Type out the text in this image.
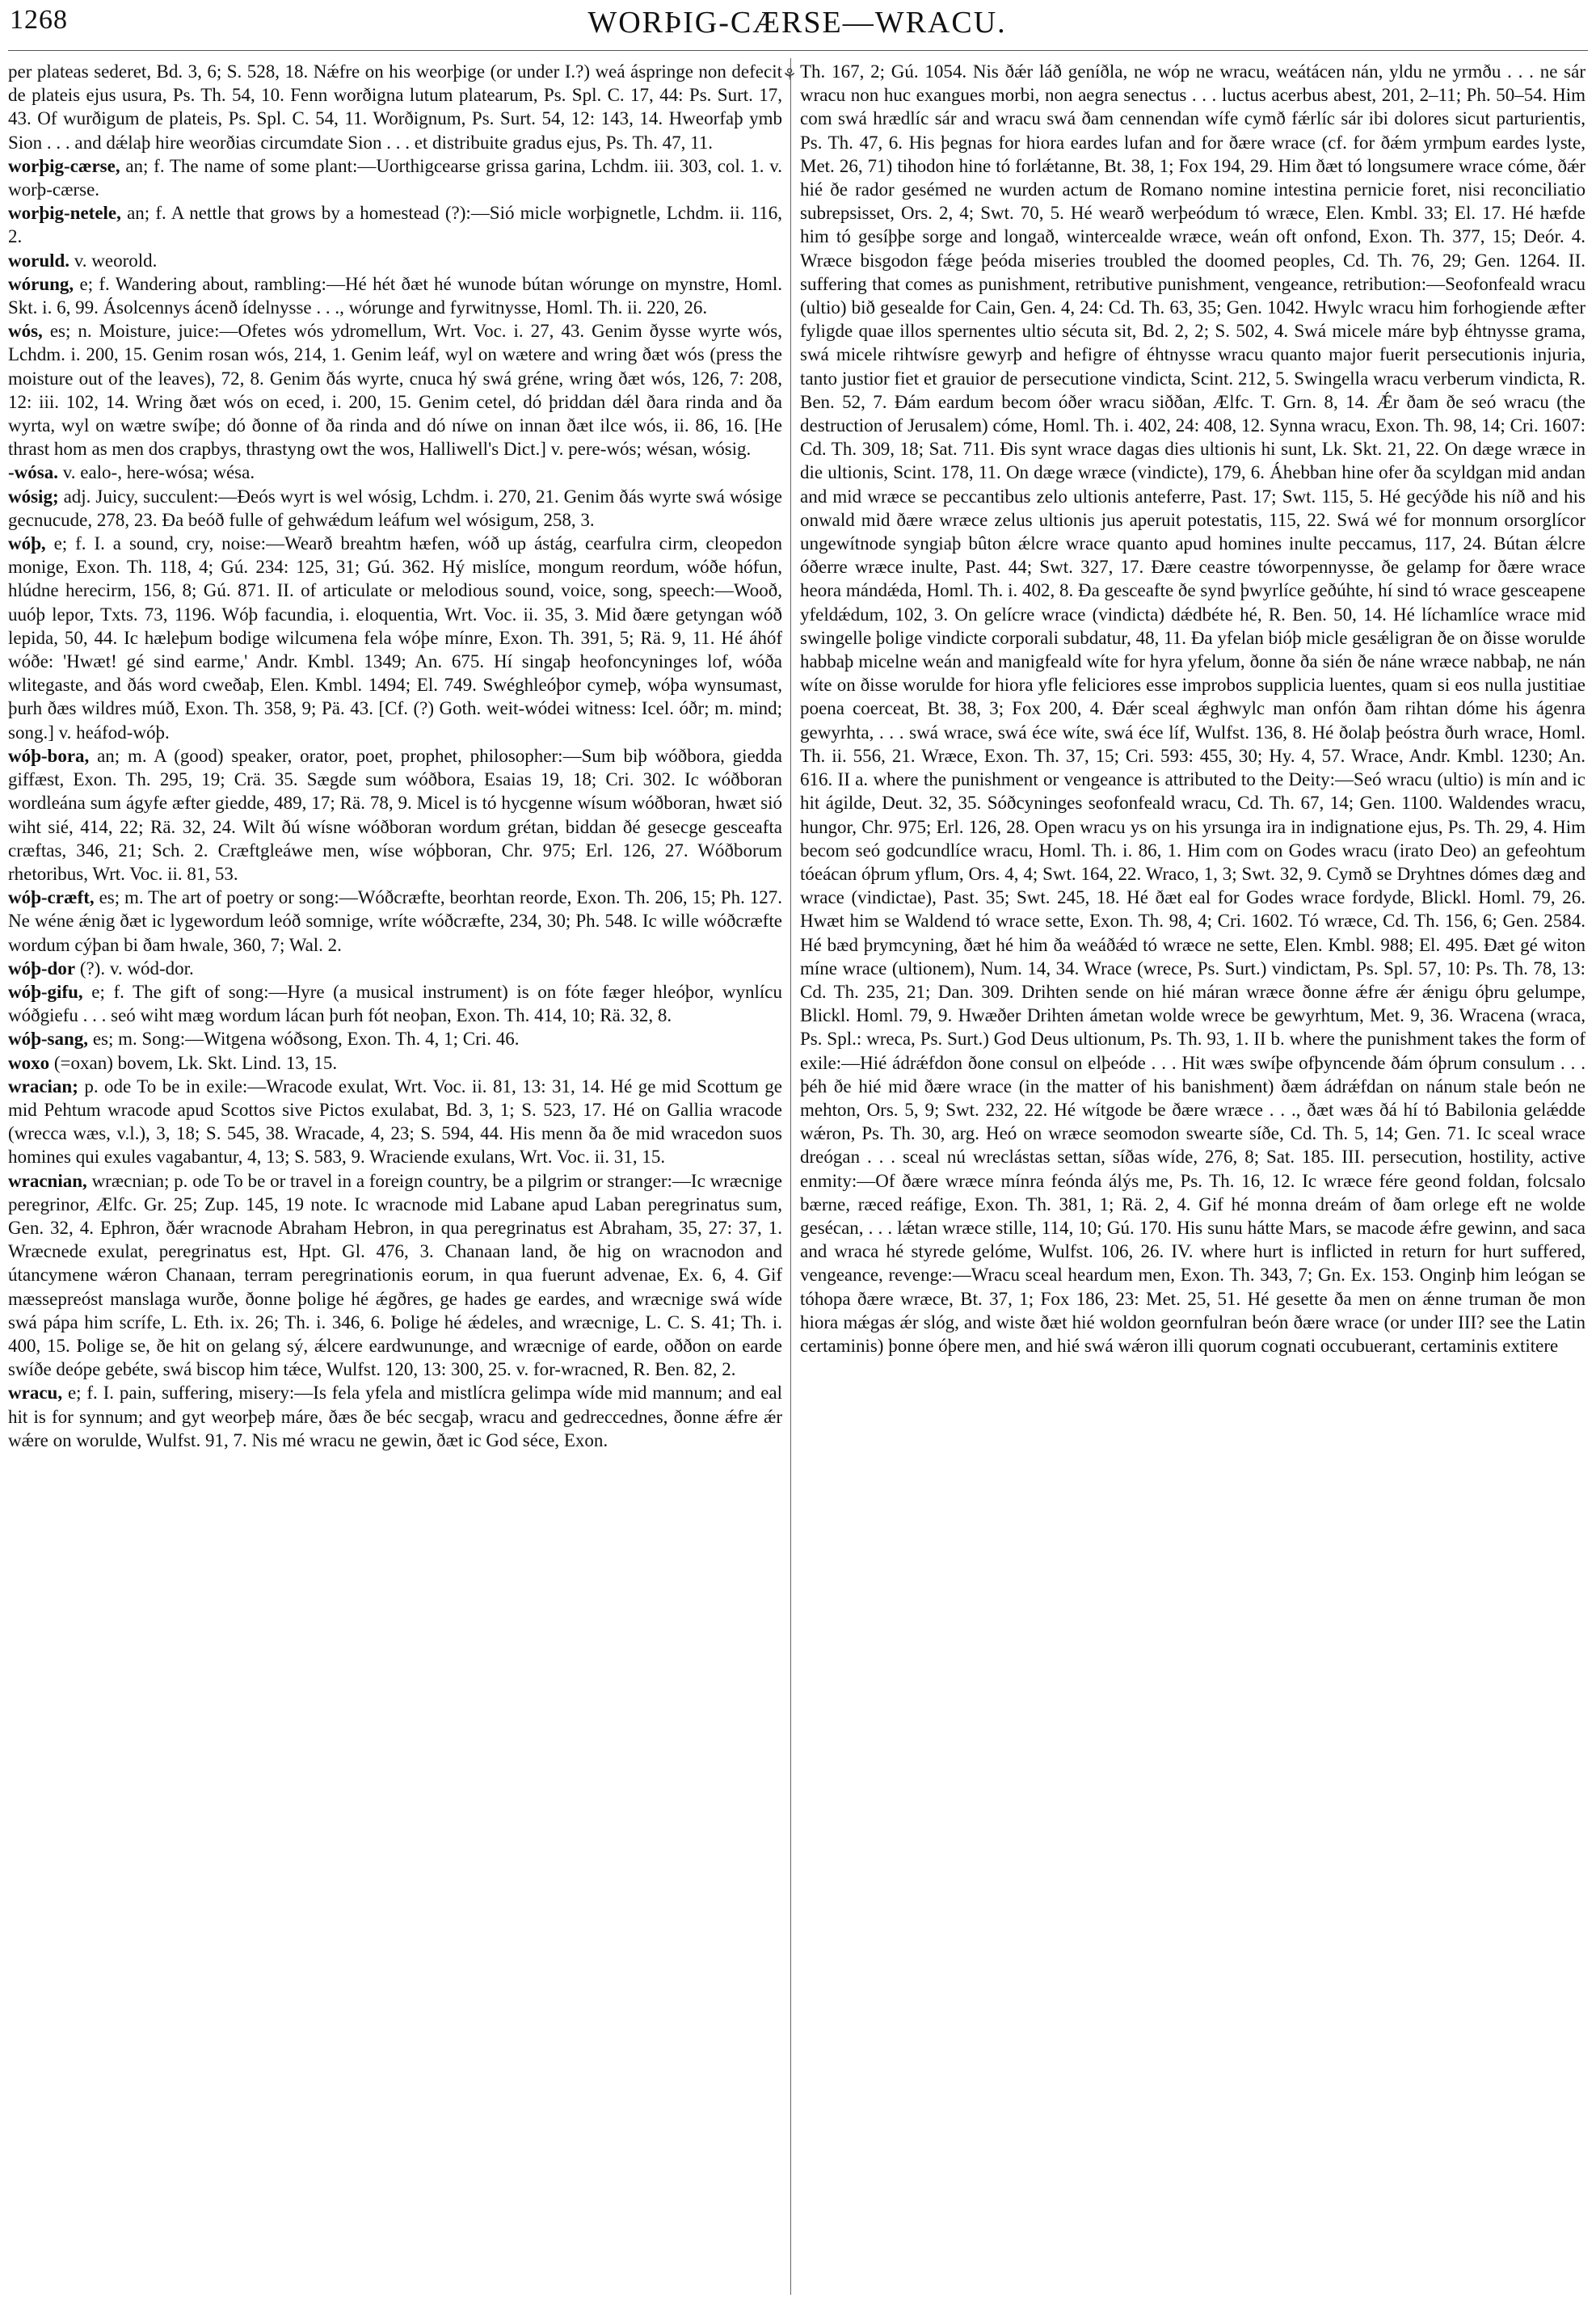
1268	WORÞIG-CÆRSE—WRACU.

per plateas sederet, Bd. 3, 6; S. 528, 18. Nǽfre on his weorþige (or under I.?) weá áspringe non defecit de plateis ejus usura, Ps. Th. 54, 10. Fenn worðigna lutum platearum, Ps. Spl. C. 17, 44: Ps. Surt. 17, 43. Of wurðigum de plateis, Ps. Spl. C. 54, 11. Worðignum, Ps. Surt. 54, 12: 143, 14. Hweorfaþ ymb Sion . . . and dǽlaþ hire weorðias circumdate Sion . . . et distribuite gradus ejus, Ps. Th. 47, 11.

worþig-cærse, an; f. The name of some plant:—Uorthigcearse grissa garina, Lchdm. iii. 303, col. 1. v. worþ-cærse.

worþig-netele, an; f. A nettle that grows by a homestead (?):—Sió micle worþignetle, Lchdm. ii. 116, 2.

woruld. v. weorold.

wórung, e; f. Wandering about, rambling:—Hé hét ðæt hé wunode bútan wórunge on mynstre, Homl. Skt. i. 6, 99. Ásolcennys ácenð ídelnysse . . ., wórunge and fyrwitnysse, Homl. Th. ii. 220, 26.

wós, es; n. Moisture, juice:—Ofetes wós ydromellum, Wrt. Voc. i. 27, 43. Genim ðysse wyrte wós, Lchdm. i. 200, 15. Genim rosan wós, 214, 1. Genim leáf, wyl on wætere and wring ðæt wós (press the moisture out of the leaves), 72, 8. Genim ðás wyrte, cnuca hý swá gréne, wring ðæt wós, 126, 7: 208, 12: iii. 102, 14. Wring ðæt wós on eced, i. 200, 15. Genim cetel, dó þriddan dǽl ðara rinda and ða wyrta, wyl on wætre swíþe; dó ðonne of ða rinda and dó níwe on innan ðæt ilce wós, ii. 86, 16. [He thrast hom as men dos crapbys, thrastyng owt the wos, Halliwell's Dict.] v. pere-wós; wésan, wósig.

-wósa. v. ealo-, here-wósa; wésa.

wósig; adj. Juicy, succulent:—Ðeós wyrt is wel wósig, Lchdm. i. 270, 21. Genim ðás wyrte swá wósige gecnucude, 278, 23. Ða beóð fulle of gehwǽdum leáfum wel wósigum, 258, 3.

wóþ, e; f. I. a sound, cry, noise:—Wearð breahtm hæfen, wóð up ástág, cearfulra cirm, cleopedon monige, Exon. Th. 118, 4; Gú. 234: 125, 31; Gú. 362. Hý mislíce, mongum reordum, wóðe hófun, hlúdne herecirm, 156, 8; Gú. 871. II. of articulate or melodious sound, voice, song, speech:—Wooð, uuóþ lepor, Txts. 73, 1196. Wóþ facundia, i. eloquentia, Wrt. Voc. ii. 35, 3. Mid ðære getyngan wóð lepida, 50, 44. Ic hæleþum bodige wilcumena fela wóþe mínre, Exon. Th. 391, 5; Rä. 9, 11. Hé áhóf wóðe: 'Hwæt! gé sind earme,' Andr. Kmbl. 1349; An. 675. Hí singaþ heofoncyninges lof, wóða wlitegaste, and ðás word cweðaþ, Elen. Kmbl. 1494; El. 749. Swéghleóþor cymeþ, wóþa wynsumast, þurh ðæs wildres múð, Exon. Th. 358, 9; Pä. 43. [Cf. (?) Goth. weit-wódei witness: Icel. óðr; m. mind; song.] v. heáfod-wóþ.

wóþ-bora, an; m. A (good) speaker, orator, poet, prophet, philosopher:—Sum biþ wóðbora, giedda giffæst, Exon. Th. 295, 19; Crä. 35. Sægde sum wóðbora, Esaias 19, 18; Cri. 302. Ic wóðboran wordleána sum ágyfe æfter giedde, 489, 17; Rä. 78, 9. Micel is tó hycgenne wísum wóðboran, hwæt sió wiht sié, 414, 22; Rä. 32, 24. Wilt ðú wísne wóðboran wordum grétan, biddan ðé gesecge gesceafta cræftas, 346, 21; Sch. 2. Cræftgleáwe men, wíse wóþboran, Chr. 975; Erl. 126, 27. Wóðborum rhetoribus, Wrt. Voc. ii. 81, 53.

wóþ-cræft, es; m. The art of poetry or song:—Wóðcræfte, beorhtan reorde, Exon. Th. 206, 15; Ph. 127. Ne wéne ǽnig ðæt ic lygewordum leóð somnige, wríte wóðcræfte, 234, 30; Ph. 548. Ic wille wóðcræfte wordum cýþan bi ðam hwale, 360, 7; Wal. 2.

wóþ-dor (?). v. wód-dor.

wóþ-gifu, e; f. The gift of song:—Hyre (a musical instrument) is on fóte fæger hleóþor, wynlícu wóðgiefu . . . seó wiht mæg wordum lácan þurh fót neoþan, Exon. Th. 414, 10; Rä. 32, 8.

wóþ-sang, es; m. Song:—Witgena wóðsong, Exon. Th. 4, 1; Cri. 46.

woxo (=oxan) bovem, Lk. Skt. Lind. 13, 15.

wracian; p. ode To be in exile:—Wracode exulat, Wrt. Voc. ii. 81, 13: 31, 14. Hé ge mid Scottum ge mid Pehtum wracode apud Scottos sive Pictos exulabat, Bd. 3, 1; S. 523, 17. Hé on Gallia wracode (wrecca wæs, v.l.), 3, 18; S. 545, 38. Wracade, 4, 23; S. 594, 44. His menn ða ðe mid wracedon suos homines qui exules vagabantur, 4, 13; S. 583, 9. Wraciende exulans, Wrt. Voc. ii. 31, 15.

wracnian, wræcnian; p. ode To be or travel in a foreign country, be a pilgrim or stranger:—Ic wræcnige peregrinor, Ælfc. Gr. 25; Zup. 145, 19 note. Ic wracnode mid Labane apud Laban peregrinatus sum, Gen. 32, 4. Ephron, ðǽr wracnode Abraham Hebron, in qua peregrinatus est Abraham, 35, 27: 37, 1. Wræcnede exulat, peregrinatus est, Hpt. Gl. 476, 3. Chanaan land, ðe hig on wracnodon and útancymene wǽron Chanaan, terram peregrinationis eorum, in qua fuerunt advenae, Ex. 6, 4. Gif mæssepreóst manslaga wurðe, ðonne þolige hé ǽgðres, ge hades ge eardes, and wræcnige swá wíde swá pápa him scrífe, L. Eth. ix. 26; Th. i. 346, 6. Þolige hé ǽdeles, and wræcnige, L. C. S. 41; Th. i. 400, 15. Þolige se, ðe hit on gelang sý, ǽlcere eardwununge, and wræcnige of earde, oððon on earde swíðe deópe gebéte, swá biscop him tǽce, Wulfst. 120, 13: 300, 25. v. for-wracned, R. Ben. 82, 2.

wracu, e; f. I. pain, suffering, misery:—Is fela yfela and mistlícra gelimpa wíde mid mannum; and eal hit is for synnum; and gyt weorþeþ máre, ðæs ðe béc secgaþ, wracu and gedreccednes, ðonne ǽfre ǽr wǽre on worulde, Wulfst. 91, 7. Nis mé wracu ne gewin, ðæt ic God séce, Exon.

⚘ Th. 167, 2; Gú. 1054. Nis ðǽr láð geníðla, ne wóp ne wracu, weátácen nán, yldu ne yrmðu . . . ne sár wracu non huc exangues morbi, non aegra senectus . . . luctus acerbus abest, 201, 2–11; Ph. 50–54. Him com swá hrædlíc sár and wracu swá ðam cennendan wífe cymð fǽrlíc sár ibi dolores sicut parturientis, Ps. Th. 47, 6. His þegnas for hiora eardes lufan and for ðære wrace (cf. for ðǽm yrmþum eardes lyste, Met. 26, 71) tihodon hine tó forlǽtanne, Bt. 38, 1; Fox 194, 29. Him ðæt tó longsumere wrace cóme, ðǽr hié ðe rador gesémed ne wurden actum de Romano nomine intestina pernicie foret, nisi reconciliatio subrepsisset, Ors. 2, 4; Swt. 70, 5. Hé wearð werþeódum tó wræce, Elen. Kmbl. 33; El. 17. Hé hæfde him tó gesíþþe sorge and longað, wintercealde wræce, weán oft onfond, Exon. Th. 377, 15; Deór. 4. Wræce bisgodon fǽge þeóda miseries troubled the doomed peoples, Cd. Th. 76, 29; Gen. 1264. II. suffering that comes as punishment, retributive punishment, vengeance, retribution:—Seofonfeald wracu (ultio) bið gesealde for Cain, Gen. 4, 24: Cd. Th. 63, 35; Gen. 1042. Hwylc wracu him forhogiende æfter fyligde quae illos spernentes ultio sécuta sit, Bd. 2, 2; S. 502, 4. Swá micele máre byþ éhtnysse grama, swá micele rihtwísre gewyrþ and hefigre of éhtnysse wracu quanto major fuerit persecutionis injuria, tanto justior fiet et grauior de persecutione vindicta, Scint. 212, 5. Swingella wracu verberum vindicta, R. Ben. 52, 7. Ðám eardum becom óðer wracu siððan, Ælfc. T. Grn. 8, 14. Ǽr ðam ðe seó wracu (the destruction of Jerusalem) cóme, Homl. Th. i. 402, 24: 408, 12. Synna wracu, Exon. Th. 98, 14; Cri. 1607: Cd. Th. 309, 18; Sat. 711. Ðis synt wrace dagas dies ultionis hi sunt, Lk. Skt. 21, 22. On dæge wræce in die ultionis, Scint. 178, 11. On dæge wræce (vindicte), 179, 6. Áhebban hine ofer ða scyldgan mid andan and mid wræce se peccantibus zelo ultionis anteferre, Past. 17; Swt. 115, 5. Hé gecýðde his níð and his onwald mid ðære wræce zelus ultionis jus aperuit potestatis, 115, 22. Swá wé for monnum orsorglícor ungewítnode syngiaþ bûton ǽlcre wrace quanto apud homines inulte peccamus, 117, 24. Bútan ǽlcre óðerre wræce inulte, Past. 44; Swt. 327, 17. Ðære ceastre tóworpennysse, ðe gelamp for ðære wrace heora mándǽda, Homl. Th. i. 402, 8. Ða gesceafte ðe synd þwyrlíce geðúhte, hí sind tó wrace gesceapene yfeldǽdum, 102, 3. On gelícre wrace (vindicta) dǽdbéte hé, R. Ben. 50, 14. Hé líchamlíce wrace mid swingelle þolige vindicte corporali subdatur, 48, 11. Ða yfelan bióþ micle gesǽligran ðe on ðisse worulde habbaþ micelne weán and manigfeald wíte for hyra yfelum, ðonne ða sién ðe náne wræce nabbaþ, ne nán wíte on ðisse worulde for hiora yfle feliciores esse improbos supplicia luentes, quam si eos nulla justitiae poena coerceat, Bt. 38, 3; Fox 200, 4. Ðǽr sceal ǽghwylc man onfón ðam rihtan dóme his ágenra gewyrhta, . . . swá wrace, swá éce wíte, swá éce líf, Wulfst. 136, 8. Hé ðolaþ þeóstra ðurh wrace, Homl. Th. ii. 556, 21. Wræce, Exon. Th. 37, 15; Cri. 593: 455, 30; Hy. 4, 57. Wrace, Andr. Kmbl. 1230; An. 616. II a. where the punishment or vengeance is attributed to the Deity:—Seó wracu (ultio) is mín and ic hit ágilde, Deut. 32, 35. Sóðcyninges seofonfeald wracu, Cd. Th. 67, 14; Gen. 1100. Waldendes wracu, hungor, Chr. 975; Erl. 126, 28. Open wracu ys on his yrsunga ira in indignatione ejus, Ps. Th. 29, 4. Him becom seó godcundlíce wracu, Homl. Th. i. 86, 1. Him com on Godes wracu (irato Deo) an gefeohtum tóeácan óþrum yflum, Ors. 4, 4; Swt. 164, 22. Wraco, 1, 3; Swt. 32, 9. Cymð se Dryhtnes dómes dæg and wrace (vindictae), Past. 35; Swt. 245, 18. Hé ðæt eal for Godes wrace fordyde, Blickl. Homl. 79, 26. Hwæt him se Waldend tó wrace sette, Exon. Th. 98, 4; Cri. 1602. Tó wræce, Cd. Th. 156, 6; Gen. 2584. Hé bæd þrymcyning, ðæt hé him ða weáðǽd tó wræce ne sette, Elen. Kmbl. 988; El. 495. Ðæt gé witon míne wrace (ultionem), Num. 14, 34. Wrace (wrece, Ps. Surt.) vindictam, Ps. Spl. 57, 10: Ps. Th. 78, 13: Cd. Th. 235, 21; Dan. 309. Drihten sende on hié máran wræce ðonne ǽfre ǽr ǽnigu óþru gelumpe, Blickl. Homl. 79, 9. Hwæðer Drihten ámetan wolde wrece be gewyrhtum, Met. 9, 36. Wracena (wraca, Ps. Spl.: wreca, Ps. Surt.) God Deus ultionum, Ps. Th. 93, 1. II b. where the punishment takes the form of exile:—Hié ádrǽfdon ðone consul on elþeóde . . . Hit wæs swíþe ofþyncende ðám óþrum consulum . . . þéh ðe hié mid ðære wrace (in the matter of his banishment) ðæm ádrǽfdan on nánum stale beón ne mehton, Ors. 5, 9; Swt. 232, 22. Hé wítgode be ðære wræce . . ., ðæt wæs ðá hí tó Babilonia gelǽdde wǽron, Ps. Th. 30, arg. Heó on wræce seomodon swearte síðe, Cd. Th. 5, 14; Gen. 71. Ic sceal wrace dreógan . . . sceal nú wreclástas settan, síðas wíde, 276, 8; Sat. 185. III. persecution, hostility, active enmity:—Of ðære wræce mínra feónda álýs me, Ps. Th. 16, 12. Ic wræce fére geond foldan, folcsalo bærne, ræced reáfige, Exon. Th. 381, 1; Rä. 2, 4. Gif hé monna dreám of ðam orlege eft ne wolde gesécan, . . . lǽtan wræce stille, 114, 10; Gú. 170. His sunu hátte Mars, se macode ǽfre gewinn, and saca and wraca hé styrede gelóme, Wulfst. 106, 26. IV. where hurt is inflicted in return for hurt suffered, vengeance, revenge:—Wracu sceal heardum men, Exon. Th. 343, 7; Gn. Ex. 153. Onginþ him leógan se tóhopa ðære wræce, Bt. 37, 1; Fox 186, 23: Met. 25, 51. Hé gesette ða men on ǽnne truman ðe mon hiora mǽgas ǽr slóg, and wiste ðæt hié woldon geornfulran beón ðære wrace (or under III? see the Latin certaminis) þonne óþere men, and hié swá wǽron illi quorum cognati occubuerant, certaminis extitere
